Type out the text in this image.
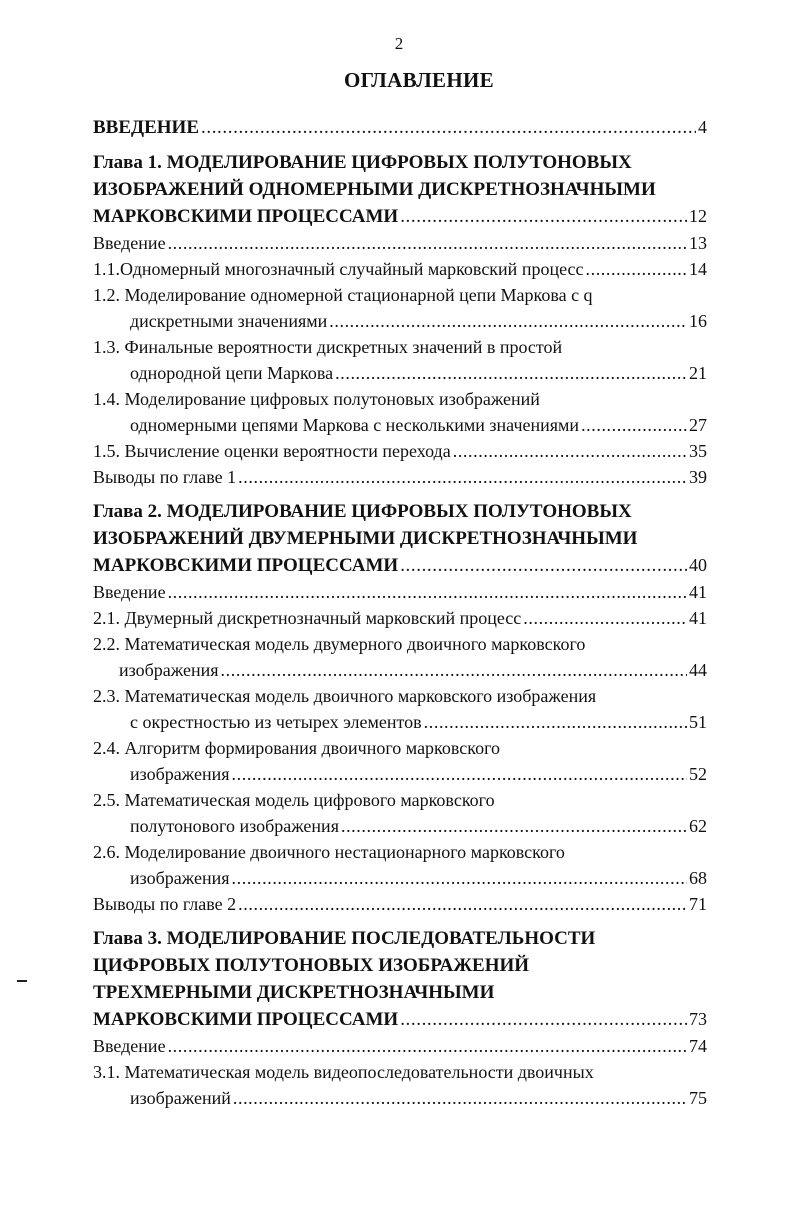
2
ОГЛАВЛЕНИЕ
ВВЕДЕНИЕ .....	4
Глава 1. МОДЕЛИРОВАНИЕ ЦИФРОВЫХ ПОЛУТОНОВЫХ
ИЗОБРАЖЕНИЙ ОДНОМЕРНЫМИ ДИСКРЕТНОЗНАЧНЫМИ
МАРКОВСКИМИ ПРОЦЕССАМИ .....	12
Введение .....	13
1.1.Одномерный многозначный случайный марковский процесс .....	14
1.2. Моделирование одномерной стационарной цепи Маркова с q
дискретными значениями .....	16
1.3. Финальные вероятности дискретных значений в простой
однородной цепи Маркова .....	21
1.4. Моделирование цифровых полутоновых изображений
одномерными цепями Маркова с несколькими значениями .....	27
1.5. Вычисление оценки вероятности перехода .....	35
Выводы по главе 1 .....	39
Глава 2. МОДЕЛИРОВАНИЕ ЦИФРОВЫХ ПОЛУТОНОВЫХ
ИЗОБРАЖЕНИЙ ДВУМЕРНЫМИ ДИСКРЕТНОЗНАЧНЫМИ
МАРКОВСКИМИ ПРОЦЕССАМИ .....	40
Введение .....	41
2.1. Двумерный дискретнозначный марковский процесс .....	41
2.2. Математическая модель двумерного двоичного марковского
изображения .....	44
2.3. Математическая модель двоичного марковского изображения
с окрестностью из четырех элементов .....	51
2.4. Алгоритм формирования двоичного марковского
изображения .....	52
2.5. Математическая модель цифрового марковского
полутонового изображения .....	62
2.6. Моделирование двоичного нестационарного марковского
изображения .....	68
Выводы по главе 2 .....	71
Глава 3. МОДЕЛИРОВАНИЕ ПОСЛЕДОВАТЕЛЬНОСТИ
ЦИФРОВЫХ ПОЛУТОНОВЫХ ИЗОБРАЖЕНИЙ
ТРЕХМЕРНЫМИ ДИСКРЕТНОЗНАЧНЫМИ
МАРКОВСКИМИ ПРОЦЕССАМИ .....	73
Введение .....	74
3.1. Математическая модель видеопоследовательности двоичных
изображений .....	75
